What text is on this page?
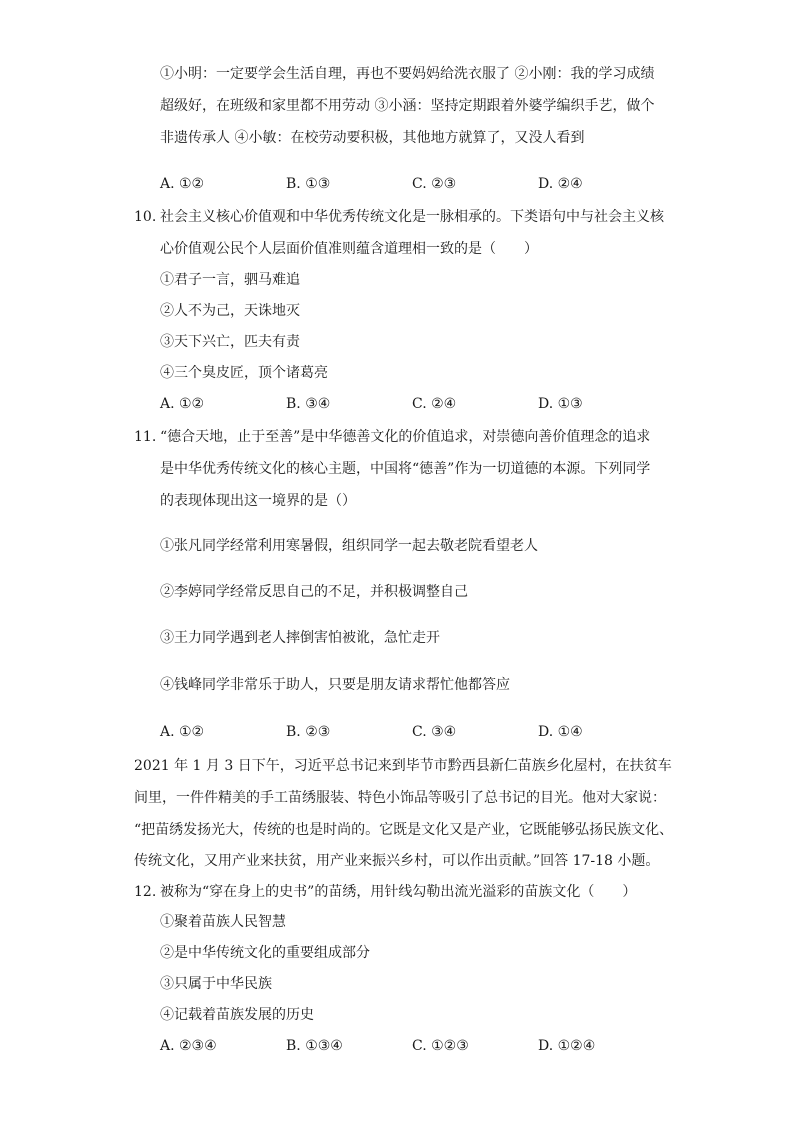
①小明：一定要学会生活自理，再也不要妈妈给洗衣服了 ②小刚：我的学习成绩
超级好，在班级和家里都不用劳动 ③小涵：坚持定期跟着外婆学编织手艺，做个
非遗传承人 ④小敏：在校劳动要积极，其他地方就算了，又没人看到
A. ①②	B. ①③	C. ②③	D. ②④
10. 社会主义核心价值观和中华优秀传统文化是一脉相承的。下类语句中与社会主义核
心价值观公民个人层面价值准则蕴含道理相一致的是（　　）
①君子一言，驷马难追
②人不为己，天诛地灭
③天下兴亡，匹夫有责
④三个臭皮匠，顶个诸葛亮
A. ①②	B. ③④	C. ②④	D. ①③
11. “德合天地，止于至善”是中华德善文化的价值追求，对崇德向善价值理念的追求
是中华优秀传统文化的核心主题，中国将“德善”作为一切道德的本源。下列同学
的表现体现出这一境界的是（）
①张凡同学经常利用寒暑假，组织同学一起去敬老院看望老人
②李婷同学经常反思自己的不足，并积极调整自己
③王力同学遇到老人摔倒害怕被讹，急忙走开
④钱峰同学非常乐于助人，只要是朋友请求帮忙他都答应
A. ①②	B. ②③	C. ③④	D. ①④
2021 年 1 月 3 日下午，习近平总书记来到毕节市黔西县新仁苗族乡化屋村，在扶贫车
间里，一件件精美的手工苗绣服装、特色小饰品等吸引了总书记的目光。他对大家说：
“把苗绣发扬光大，传统的也是时尚的。它既是文化又是产业，它既能够弘扬民族文化、
传统文化，又用产业来扶贫，用产业来振兴乡村，可以作出贡献。”回答 17-18 小题。
12. 被称为“穿在身上的史书”的苗绣，用针线勾勒出流光溢彩的苗族文化（　　）
①聚着苗族人民智慧
②是中华传统文化的重要组成部分
③只属于中华民族
④记载着苗族发展的历史
A. ②③④	B. ①③④	C. ①②③	D. ①②④
